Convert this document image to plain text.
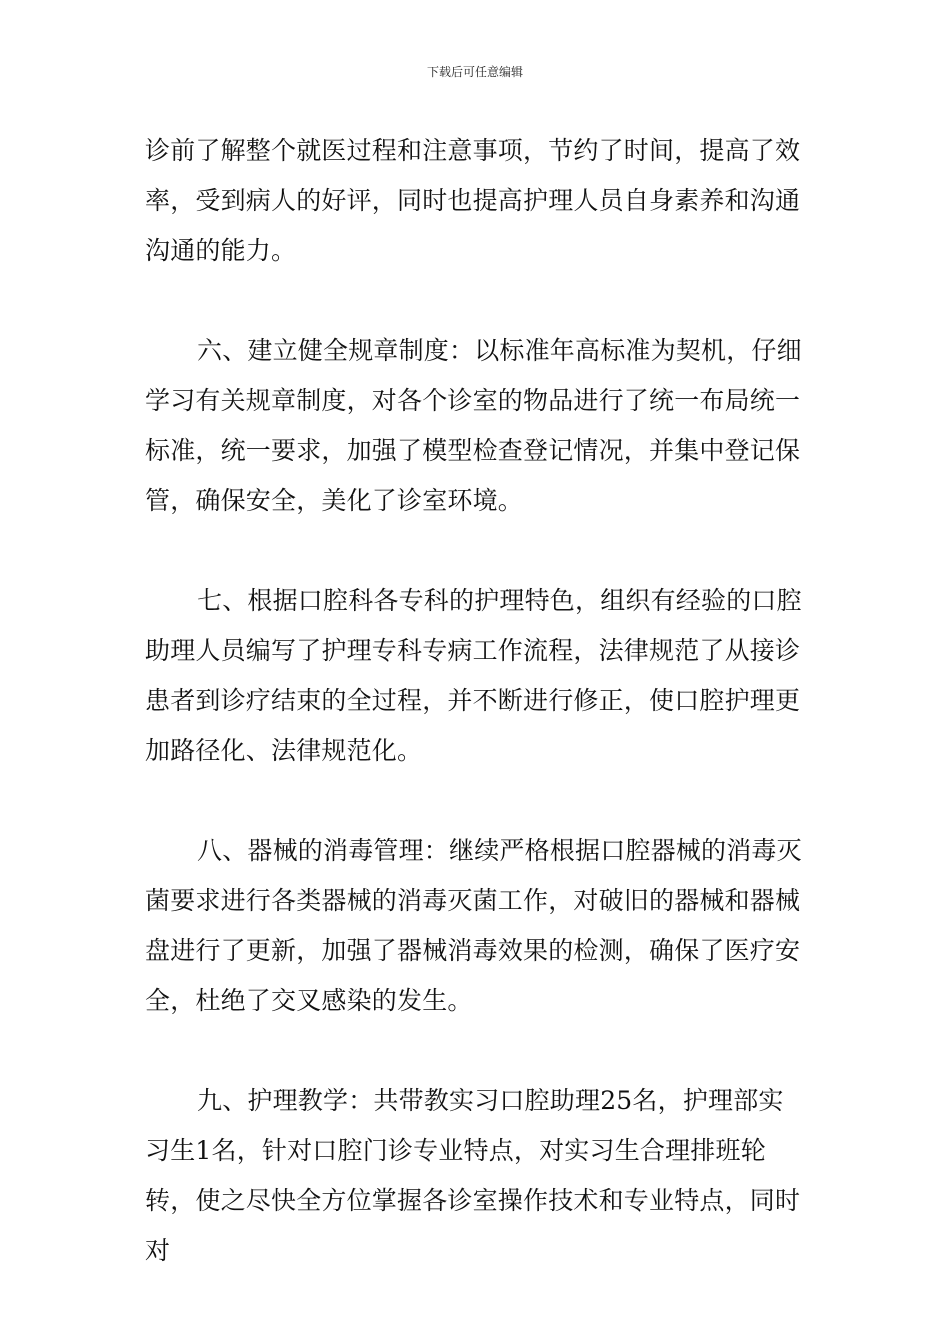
下载后可任意编辑

诊前了解整个就医过程和注意事项，节约了时间，提高了效率，受到病人的好评，同时也提高护理人员自身素养和沟通沟通的能力。

六、建立健全规章制度：以标准年高标准为契机，仔细学习有关规章制度，对各个诊室的物品进行了统一布局统一标准，统一要求，加强了模型检查登记情况，并集中登记保管，确保安全，美化了诊室环境。

七、根据口腔科各专科的护理特色，组织有经验的口腔助理人员编写了护理专科专病工作流程，法律规范了从接诊患者到诊疗结束的全过程，并不断进行修正，使口腔护理更加路径化、法律规范化。

八、器械的消毒管理：继续严格根据口腔器械的消毒灭菌要求进行各类器械的消毒灭菌工作，对破旧的器械和器械盘进行了更新，加强了器械消毒效果的检测，确保了医疗安全，杜绝了交叉感染的发生。

九、护理教学：共带教实习口腔助理25名，护理部实习生1名，针对口腔门诊专业特点，对实习生合理排班轮转，使之尽快全方位掌握各诊室操作技术和专业特点，同时对
